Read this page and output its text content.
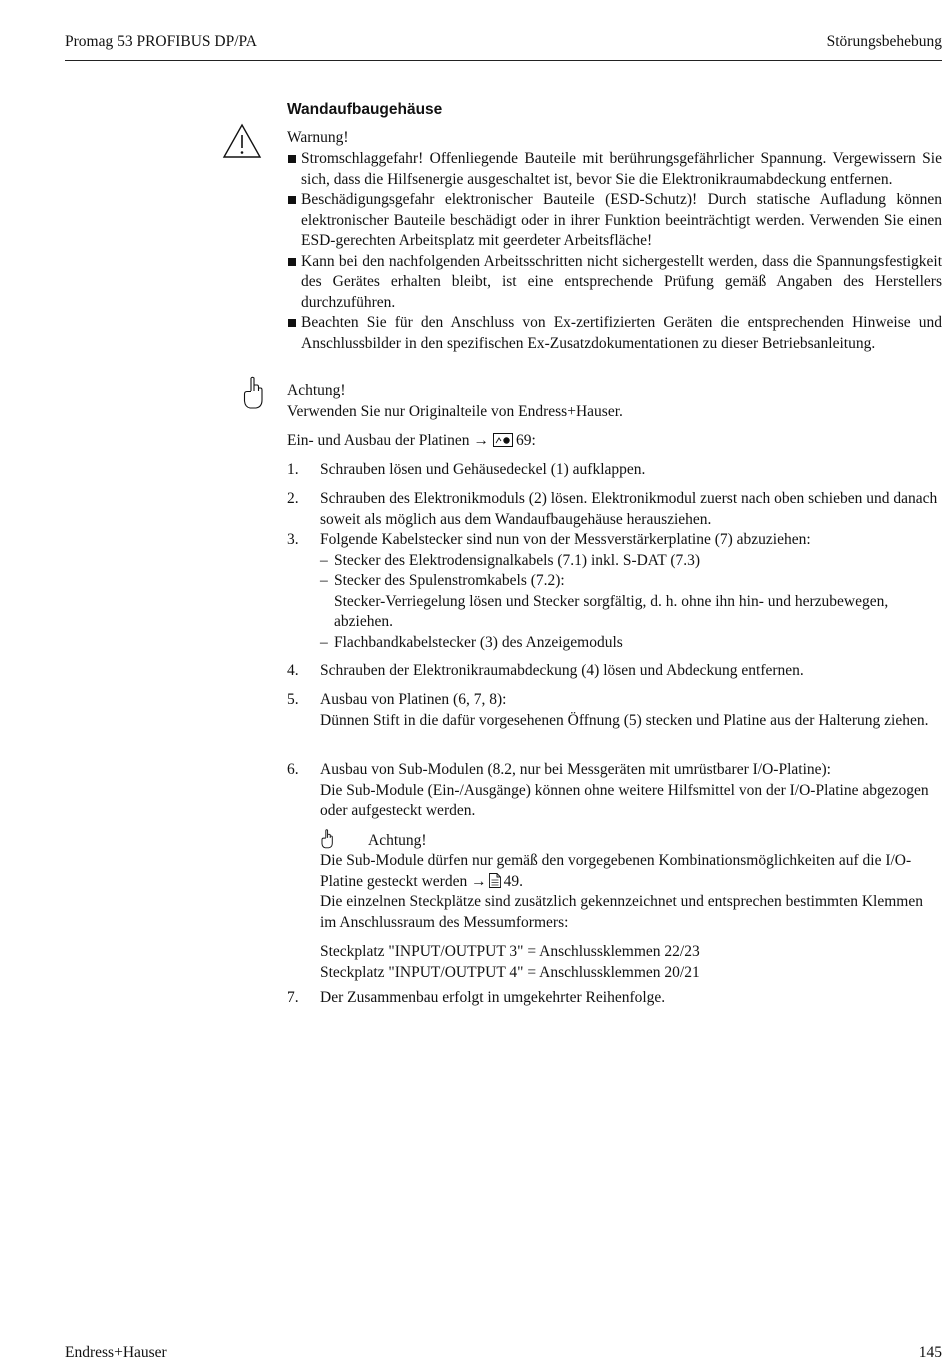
Promag 53 PROFIBUS DP/PA	Störungsbehebung
Wandaufbaugehäuse
Warnung!
Stromschlaggefahr! Offenliegende Bauteile mit berührungsgefährlicher Spannung. Vergewissern Sie sich, dass die Hilfsenergie ausgeschaltet ist, bevor Sie die Elektronikraumabdeckung entfernen.
Beschädigungsgefahr elektronischer Bauteile (ESD-Schutz)! Durch statische Aufladung können elektronischer Bauteile beschädigt oder in ihrer Funktion beeinträchtigt werden. Verwenden Sie einen ESD-gerechten Arbeitsplatz mit geerdeter Arbeitsfläche!
Kann bei den nachfolgenden Arbeitsschritten nicht sichergestellt werden, dass die Spannungsfestigkeit des Gerätes erhalten bleibt, ist eine entsprechende Prüfung gemäß Angaben des Herstellers durchzuführen.
Beachten Sie für den Anschluss von Ex-zertifizierten Geräten die entsprechenden Hinweise und Anschlussbilder in den spezifischen Ex-Zusatzdokumentationen zu dieser Betriebsanleitung.
Achtung!
Verwenden Sie nur Originalteile von Endress+Hauser.
Ein- und Ausbau der Platinen → 69:
1. Schrauben lösen und Gehäusedeckel (1) aufklappen.
2. Schrauben des Elektronikmoduls (2) lösen. Elektronikmodul zuerst nach oben schieben und danach soweit als möglich aus dem Wandaufbaugehäuse herausziehen.
3. Folgende Kabelstecker sind nun von der Messverstärkerplatine (7) abzuziehen:
– Stecker des Elektrodensignalkabels (7.1) inkl. S-DAT (7.3)
– Stecker des Spulenstromkabels (7.2):
Stecker-Verriegelung lösen und Stecker sorgfältig, d. h. ohne ihn hin- und herzubewegen, abziehen.
– Flachbandkabelstecker (3) des Anzeigemoduls
4. Schrauben der Elektronikraumabdeckung (4) lösen und Abdeckung entfernen.
5. Ausbau von Platinen (6, 7, 8):
Dünnen Stift in die dafür vorgesehenen Öffnung (5) stecken und Platine aus der Halterung ziehen.
6. Ausbau von Sub-Modulen (8.2, nur bei Messgeräten mit umrüstbarer I/O-Platine):
Die Sub-Module (Ein-/Ausgänge) können ohne weitere Hilfsmittel von der I/O-Platine abgezogen oder aufgesteckt werden.
Achtung!
Die Sub-Module dürfen nur gemäß den vorgegebenen Kombinationsmöglichkeiten auf die I/O-Platine gesteckt werden → 49.
Die einzelnen Steckplätze sind zusätzlich gekennzeichnet und entsprechen bestimmten Klemmen im Anschlussraum des Messumformers:
Steckplatz "INPUT/OUTPUT 3" = Anschlussklemmen 22/23
Steckplatz "INPUT/OUTPUT 4" = Anschlussklemmen 20/21
7. Der Zusammenbau erfolgt in umgekehrter Reihenfolge.
Endress+Hauser	145
